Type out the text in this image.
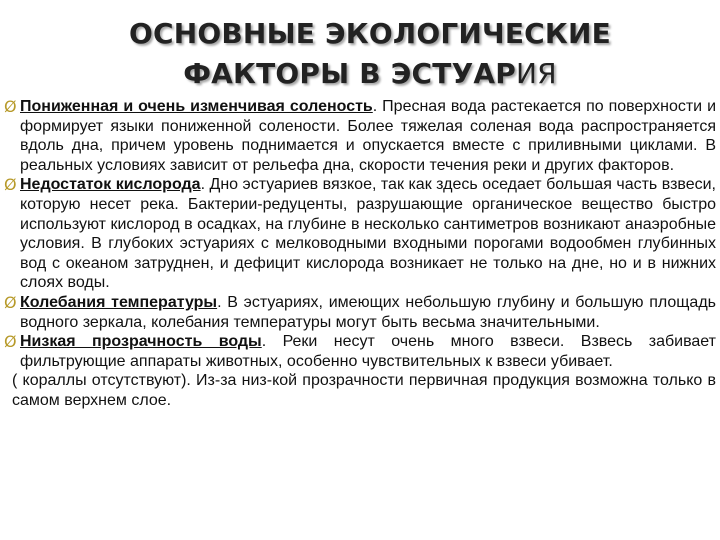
ОСНОВНЫЕ ЭКОЛОГИЧЕСКИЕ
ФАКТОРЫ В ЭСТУАРИЯ
Ø Пониженная и очень изменчивая соленость. Пресная вода растекается по поверхности и формирует языки пониженной солености. Более тяжелая соленая вода распространяется вдоль дна, причем уровень поднимается и опускается вместе с приливными циклами. В реальных условиях зависит от рельефа дна, скорости течения реки и других факторов.
Ø Недостаток кислорода. Дно эстуариев вязкое, так как здесь оседает большая часть взвеси, которую несет река. Бактерии-редуценты, разрушающие органическое вещество быстро используют кислород в осадках, на глубине в несколько сантиметров возникают анаэробные условия. В глубоких эстуариях с мелководными входными порогами водообмен глубинных вод с океаном затруднен, и дефицит кислорода возникает не только на дне, но и в нижних слоях воды.
Ø Колебания температуры. В эстуариях, имеющих небольшую глубину и большую площадь водного зеркала, колебания температуры могут быть весьма значительными.
Ø Низкая прозрачность воды. Реки несут очень много взвеси. Взвесь забивает фильтрующие аппараты животных, особенно чувствительных к взвеси убивает.
( кораллы отсутствуют). Из-за низ-кой прозрачности первичная продукция возможна только в самом верхнем слое.
